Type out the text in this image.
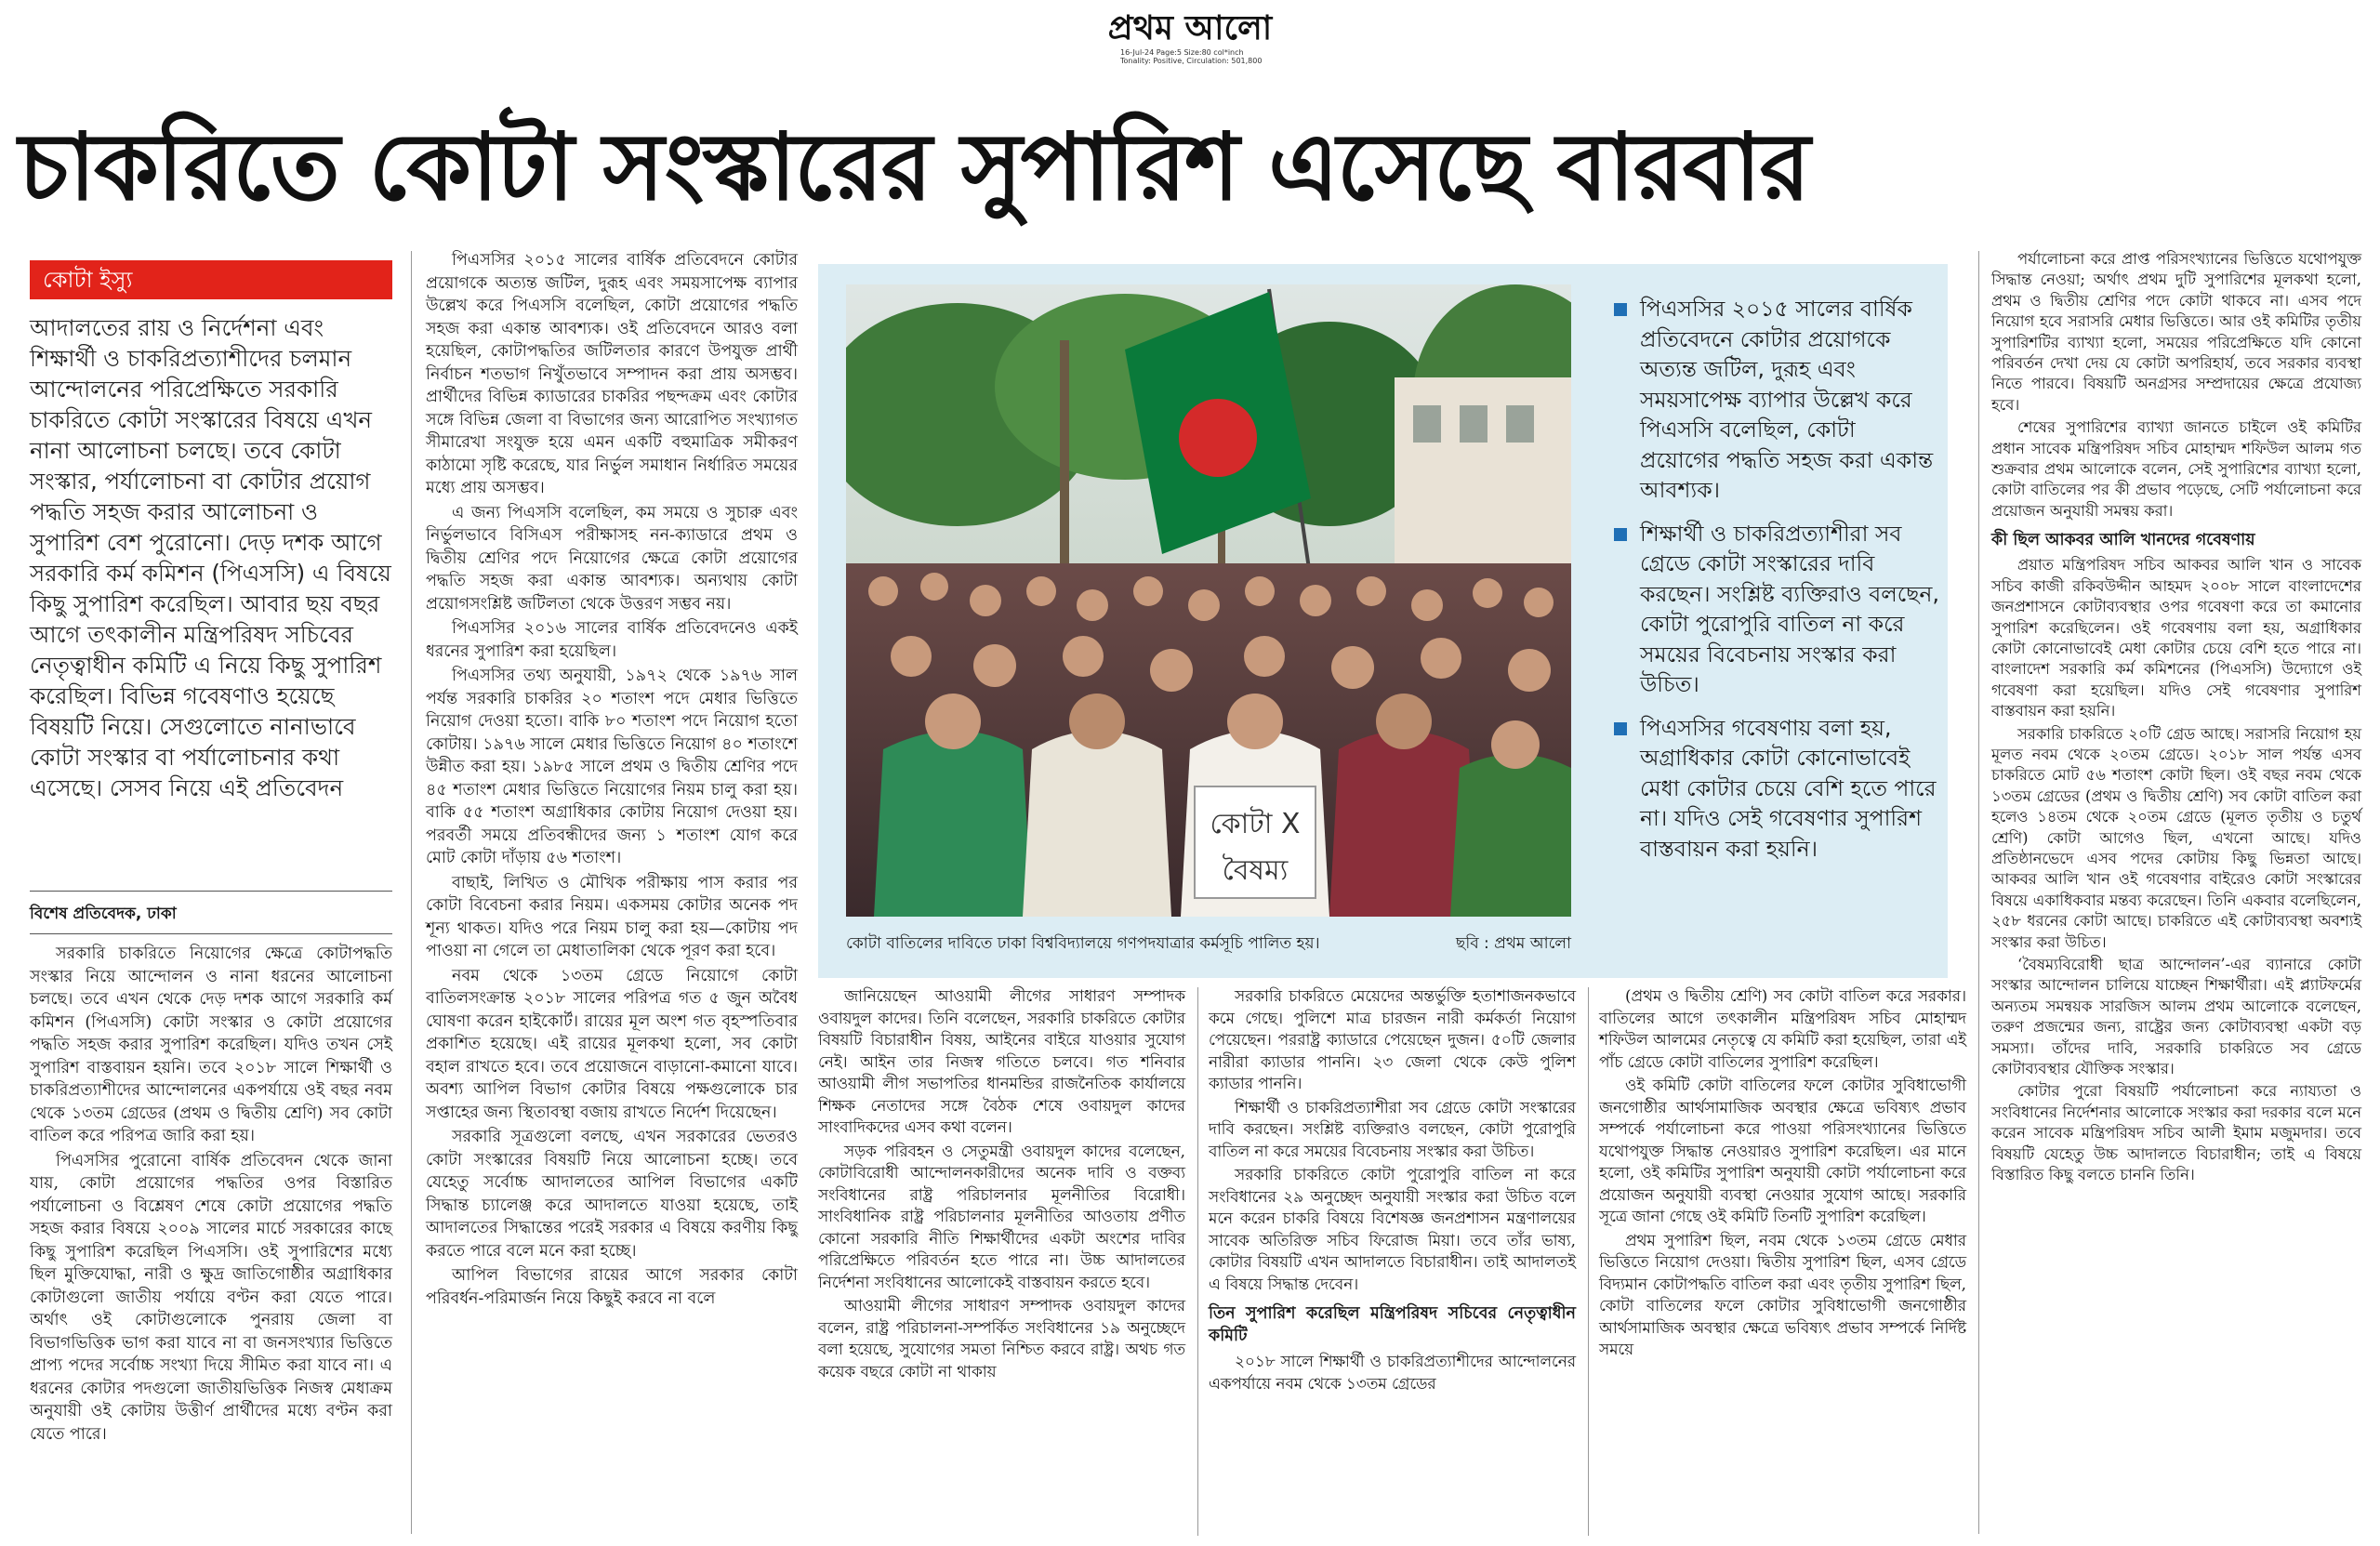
প্রথম আলো
16-Jul-24 Page:5 Size:80 col*inch
Tonality: Positive, Circulation: 501,800
চাকরিতে কোটা সংস্কারের সুপারিশ এসেছে বারবার
কোটা ইস্যু
আদালতের রায় ও নির্দেশনা এবং শিক্ষার্থী ও চাকরিপ্রত্যাশীদের চলমান আন্দোলনের পরিপ্রেক্ষিতে সরকারি চাকরিতে কোটা সংস্কারের বিষয়ে এখন নানা আলোচনা চলছে। তবে কোটা সংস্কার, পর্যালোচনা বা কোটার প্রয়োগ পদ্ধতি সহজ করার আলোচনা ও সুপারিশ বেশ পুরোনো। দেড় দশক আগে সরকারি কর্ম কমিশন (পিএসসি) এ বিষয়ে কিছু সুপারিশ করেছিল। আবার ছয় বছর আগে তৎকালীন মন্ত্রিপরিষদ সচিবের নেতৃত্বাধীন কমিটি এ নিয়ে কিছু সুপারিশ করেছিল। বিভিন্ন গবেষণাও হয়েছে বিষয়টি নিয়ে। সেগুলোতে নানাভাবে কোটা সংস্কার বা পর্যালোচনার কথা এসেছে। সেসব নিয়ে এই প্রতিবেদন
বিশেষ প্রতিবেদক, ঢাকা

সরকারি চাকরিতে নিয়োগের ক্ষেত্রে কোটাপদ্ধতি সংস্কার নিয়ে আন্দোলন ও নানা ধরনের আলোচনা চলছে। তবে এখন থেকে দেড় দশক আগে সরকারি কর্ম কমিশন (পিএসসি) কোটা সংস্কার ও কোটা প্রয়োগের পদ্ধতি সহজ করার সুপারিশ করেছিল। যদিও তখন সেই সুপারিশ বাস্তবায়ন হয়নি। তবে ২০১৮ সালে শিক্ষার্থী ও চাকরিপ্রত্যাশীদের আন্দোলনের একপর্যায়ে ওই বছর নবম থেকে ১৩তম গ্রেডের (প্রথম ও দ্বিতীয় শ্রেণি) সব কোটা বাতিল করে পরিপত্র জারি করা হয়।

পিএসসির পুরোনো বার্ষিক প্রতিবেদন থেকে জানা যায়, কোটা প্রয়োগের পদ্ধতির ওপর বিস্তারিত পর্যালোচনা ও বিশ্লেষণ শেষে কোটা প্রয়োগের পদ্ধতি সহজ করার বিষয়ে ২০০৯ সালের মার্চে সরকারের কাছে কিছু সুপারিশ করেছিল পিএসসি। ওই সুপারিশের মধ্যে ছিল মুক্তিযোদ্ধা, নারী ও ক্ষুদ্র জাতিগোষ্ঠীর অগ্রাধিকার কোটাগুলো জাতীয় পর্যায়ে বণ্টন করা যেতে পারে। অর্থাৎ ওই কোটাগুলোকে পুনরায় জেলা বা বিভাগভিত্তিক ভাগ করা যাবে না বা জনসংখ্যার ভিত্তিতে প্রাপ্য পদের সর্বোচ্চ সংখ্যা দিয়ে সীমিত করা যাবে না। এ ধরনের কোটার পদগুলো জাতীয়ভিত্তিক নিজস্ব মেধাক্রম অনুযায়ী ওই কোটায় উত্তীর্ণ প্রার্থীদের মধ্যে বণ্টন করা যেতে পারে।

পিএসসির ২০১৫ সালের বার্ষিক প্রতিবেদনে কোটার প্রয়োগকে অত্যন্ত জটিল, দুরূহ এবং সময়সাপেক্ষ ব্যাপার উল্লেখ করে পিএসসি বলেছিল, কোটা প্রয়োগের পদ্ধতি সহজ করা একান্ত আবশ্যক। ওই প্রতিবেদনে আরও বলা হয়েছিল, কোটাপদ্ধতির জটিলতার কারণে উপযুক্ত প্রার্থী নির্বাচন শতভাগ নিখুঁতভাবে সম্পাদন করা প্রায় অসম্ভব। প্রার্থীদের বিভিন্ন ক্যাডারের চাকরির পছন্দক্রম এবং কোটার সঙ্গে বিভিন্ন জেলা বা বিভাগের জন্য আরোপিত সংখ্যাগত সীমারেখা সংযুক্ত হয়ে এমন একটি বহুমাত্রিক সমীকরণ কাঠামো সৃষ্টি করেছে, যার নির্ভুল সমাধান নির্ধারিত সময়ের মধ্যে প্রায় অসম্ভব।

এ জন্য পিএসসি বলেছিল, কম সময়ে ও সুচারু এবং নির্ভুলভাবে বিসিএস পরীক্ষাসহ নন-ক্যাডারে প্রথম ও দ্বিতীয় শ্রেণির পদে নিয়োগের ক্ষেত্রে কোটা প্রয়োগের পদ্ধতি সহজ করা একান্ত আবশ্যক। অন্যথায় কোটা প্রয়োগসংশ্লিষ্ট জটিলতা থেকে উত্তরণ সম্ভব নয়।

পিএসসির ২০১৬ সালের বার্ষিক প্রতিবেদনেও একই ধরনের সুপারিশ করা হয়েছিল।

পিএসসির তথ্য অনুযায়ী, ১৯৭২ থেকে ১৯৭৬ সাল পর্যন্ত সরকারি চাকরির ২০ শতাংশ পদে মেধার ভিত্তিতে নিয়োগ দেওয়া হতো। বাকি ৮০ শতাংশ পদে নিয়োগ হতো কোটায়। ১৯৭৬ সালে মেধার ভিত্তিতে নিয়োগ ৪০ শতাংশে উন্নীত করা হয়। ১৯৮৫ সালে প্রথম ও দ্বিতীয় শ্রেণির পদে ৪৫ শতাংশ মেধার ভিত্তিতে নিয়োগের নিয়ম চালু করা হয়। বাকি ৫৫ শতাংশ অগ্রাধিকার কোটায় নিয়োগ দেওয়া হয়। পরবর্তী সময়ে প্রতিবন্ধীদের জন্য ১ শতাংশ যোগ করে মোট কোটা দাঁড়ায় ৫৬ শতাংশ।

বাছাই, লিখিত ও মৌখিক পরীক্ষায় পাস করার পর কোটা বিবেচনা করার নিয়ম। একসময় কোটার অনেক পদ শূন্য থাকত। যদিও পরে নিয়ম চালু করা হয়—কোটায় পদ পাওয়া না গেলে তা মেধাতালিকা থেকে পূরণ করা হবে।

নবম থেকে ১৩তম গ্রেডে নিয়োগে কোটা বাতিলসংক্রান্ত ২০১৮ সালের পরিপত্র গত ৫ জুন অবৈধ ঘোষণা করেন হাইকোর্ট। রায়ের মূল অংশ গত বৃহস্পতিবার প্রকাশিত হয়েছে। এই রায়ের মূলকথা হলো, সব কোটা বহাল রাখতে হবে। তবে প্রয়োজনে বাড়ানো-কমানো যাবে। অবশ্য আপিল বিভাগ কোটার বিষয়ে পক্ষগুলোকে চার সপ্তাহের জন্য স্থিতাবস্থা বজায় রাখতে নির্দেশ দিয়েছেন।

সরকারি সূত্রগুলো বলছে, এখন সরকারের ভেতরও কোটা সংস্কারের বিষয়টি নিয়ে আলোচনা হচ্ছে। তবে যেহেতু সর্বোচ্চ আদালতের আপিল বিভাগের একটি সিদ্ধান্ত চ্যালেঞ্জ করে আদালতে যাওয়া হয়েছে, তাই আদালতের সিদ্ধান্তের পরেই সরকার এ বিষয়ে করণীয় কিছু করতে পারে বলে মনে করা হচ্ছে।

আপিল বিভাগের রায়ের আগে সরকার কোটা পরিবর্ধন-পরিমার্জন নিয়ে কিছুই করবে না বলে

কোটা X
বৈষম্য
কোটা বাতিলের দাবিতে ঢাকা বিশ্ববিদ্যালয়ে গণপদযাত্রার কর্মসূচি পালিত হয়।	ছবি : প্রথম আলো
পিএসসির ২০১৫ সালের বার্ষিক প্রতিবেদনে কোটার প্রয়োগকে অত্যন্ত জটিল, দুরূহ এবং সময়সাপেক্ষ ব্যাপার উল্লেখ করে পিএসসি বলেছিল, কোটা প্রয়োগের পদ্ধতি সহজ করা একান্ত আবশ্যক।
শিক্ষার্থী ও চাকরিপ্রত্যাশীরা সব গ্রেডে কোটা সংস্কারের দাবি করছেন। সংশ্লিষ্ট ব্যক্তিরাও বলছেন, কোটা পুরোপুরি বাতিল না করে সময়ের বিবেচনায় সংস্কার করা উচিত।
পিএসসির গবেষণায় বলা হয়, অগ্রাধিকার কোটা কোনোভাবেই মেধা কোটার চেয়ে বেশি হতে পারে না। যদিও সেই গবেষণার সুপারিশ বাস্তবায়ন করা হয়নি।

জানিয়েছেন আওয়ামী লীগের সাধারণ সম্পাদক ওবায়দুল কাদের। তিনি বলেছেন, সরকারি চাকরিতে কোটার বিষয়টি বিচারাধীন বিষয়, আইনের বাইরে যাওয়ার সুযোগ নেই। আইন তার নিজস্ব গতিতে চলবে। গত শনিবার আওয়ামী লীগ সভাপতির ধানমন্ডির রাজনৈতিক কার্যালয়ে শিক্ষক নেতাদের সঙ্গে বৈঠক শেষে ওবায়দুল কাদের সাংবাদিকদের এসব কথা বলেন।

সড়ক পরিবহন ও সেতুমন্ত্রী ওবায়দুল কাদের বলেছেন, কোটাবিরোধী আন্দোলনকারীদের অনেক দাবি ও বক্তব্য সংবিধানের রাষ্ট্র পরিচালনার মূলনীতির বিরোধী। সাংবিধানিক রাষ্ট্র পরিচালনার মূলনীতির আওতায় প্রণীত কোনো সরকারি নীতি শিক্ষার্থীদের একটা অংশের দাবির পরিপ্রেক্ষিতে পরিবর্তন হতে পারে না। উচ্চ আদালতের নির্দেশনা সংবিধানের আলোকেই বাস্তবায়ন করতে হবে।

আওয়ামী লীগের সাধারণ সম্পাদক ওবায়দুল কাদের বলেন, রাষ্ট্র পরিচালনা-সম্পর্কিত সংবিধানের ১৯ অনুচ্ছেদে বলা হয়েছে, সুযোগের সমতা নিশ্চিত করবে রাষ্ট্র। অথচ গত কয়েক বছরে কোটা না থাকায়

সরকারি চাকরিতে মেয়েদের অন্তর্ভুক্তি হতাশাজনকভাবে কমে গেছে। পুলিশে মাত্র চারজন নারী কর্মকর্তা নিয়োগ পেয়েছেন। পররাষ্ট্র ক্যাডারে পেয়েছেন দুজন। ৫০টি জেলার নারীরা ক্যাডার পাননি। ২৩ জেলা থেকে কেউ পুলিশ ক্যাডার পাননি।

শিক্ষার্থী ও চাকরিপ্রত্যাশীরা সব গ্রেডে কোটা সংস্কারের দাবি করছেন। সংশ্লিষ্ট ব্যক্তিরাও বলছেন, কোটা পুরোপুরি বাতিল না করে সময়ের বিবেচনায় সংস্কার করা উচিত।

সরকারি চাকরিতে কোটা পুরোপুরি বাতিল না করে সংবিধানের ২৯ অনুচ্ছেদ অনুযায়ী সংস্কার করা উচিত বলে মনে করেন চাকরি বিষয়ে বিশেষজ্ঞ জনপ্রশাসন মন্ত্রণালয়ের সাবেক অতিরিক্ত সচিব ফিরোজ মিয়া। তবে তাঁর ভাষ্য, কোটার বিষয়টি এখন আদালতে বিচারাধীন। তাই আদালতই এ বিষয়ে সিদ্ধান্ত দেবেন।

তিন সুপারিশ করেছিল মন্ত্রিপরিষদ সচিবের নেতৃত্বাধীন কমিটি

২০১৮ সালে শিক্ষার্থী ও চাকরিপ্রত্যাশীদের আন্দোলনের একপর্যায়ে নবম থেকে ১৩তম গ্রেডের

(প্রথম ও দ্বিতীয় শ্রেণি) সব কোটা বাতিল করে সরকার। বাতিলের আগে তৎকালীন মন্ত্রিপরিষদ সচিব মোহাম্মদ শফিউল আলমের নেতৃত্বে যে কমিটি করা হয়েছিল, তারা এই পাঁচ গ্রেডে কোটা বাতিলের সুপারিশ করেছিল।

ওই কমিটি কোটা বাতিলের ফলে কোটার সুবিধাভোগী জনগোষ্ঠীর আর্থসামাজিক অবস্থার ক্ষেত্রে ভবিষ্যৎ প্রভাব সম্পর্কে পর্যালোচনা করে পাওয়া পরিসংখ্যানের ভিত্তিতে যথোপযুক্ত সিদ্ধান্ত নেওয়ারও সুপারিশ করেছিল। এর মানে হলো, ওই কমিটির সুপারিশ অনুযায়ী কোটা পর্যালোচনা করে প্রয়োজন অনুযায়ী ব্যবস্থা নেওয়ার সুযোগ আছে। সরকারি সূত্রে জানা গেছে ওই কমিটি তিনটি সুপারিশ করেছিল।

প্রথম সুপারিশ ছিল, নবম থেকে ১৩তম গ্রেডে মেধার ভিত্তিতে নিয়োগ দেওয়া। দ্বিতীয় সুপারিশ ছিল, এসব গ্রেডে বিদ্যমান কোটাপদ্ধতি বাতিল করা এবং তৃতীয় সুপারিশ ছিল, কোটা বাতিলের ফলে কোটার সুবিধাভোগী জনগোষ্ঠীর আর্থসামাজিক অবস্থার ক্ষেত্রে ভবিষ্যৎ প্রভাব সম্পর্কে নির্দিষ্ট সময়ে

পর্যালোচনা করে প্রাপ্ত পরিসংখ্যানের ভিত্তিতে যথোপযুক্ত সিদ্ধান্ত নেওয়া; অর্থাৎ প্রথম দুটি সুপারিশের মূলকথা হলো, প্রথম ও দ্বিতীয় শ্রেণির পদে কোটা থাকবে না। এসব পদে নিয়োগ হবে সরাসরি মেধার ভিত্তিতে। আর ওই কমিটির তৃতীয় সুপারিশটির ব্যাখ্যা হলো, সময়ের পরিপ্রেক্ষিতে যদি কোনো পরিবর্তন দেখা দেয় যে কোটা অপরিহার্য, তবে সরকার ব্যবস্থা নিতে পারবে। বিষয়টি অনগ্রসর সম্প্রদায়ের ক্ষেত্রে প্রযোজ্য হবে।

শেষের সুপারিশের ব্যাখ্যা জানতে চাইলে ওই কমিটির প্রধান সাবেক মন্ত্রিপরিষদ সচিব মোহাম্মদ শফিউল আলম গত শুক্রবার প্রথম আলোকে বলেন, সেই সুপারিশের ব্যাখ্যা হলো, কোটা বাতিলের পর কী প্রভাব পড়েছে, সেটি পর্যালোচনা করে প্রয়োজন অনুযায়ী সমন্বয় করা।

কী ছিল আকবর আলি খানদের গবেষণায়

প্রয়াত মন্ত্রিপরিষদ সচিব আকবর আলি খান ও সাবেক সচিব কাজী রকিবউদ্দীন আহমদ ২০০৮ সালে বাংলাদেশের জনপ্রশাসনে কোটাব্যবস্থার ওপর গবেষণা করে তা কমানোর সুপারিশ করেছিলেন। ওই গবেষণায় বলা হয়, অগ্রাধিকার কোটা কোনোভাবেই মেধা কোটার চেয়ে বেশি হতে পারে না। বাংলাদেশ সরকারি কর্ম কমিশনের (পিএসসি) উদ্যোগে ওই গবেষণা করা হয়েছিল। যদিও সেই গবেষণার সুপারিশ বাস্তবায়ন করা হয়নি।

সরকারি চাকরিতে ২০টি গ্রেড আছে। সরাসরি নিয়োগ হয় মূলত নবম থেকে ২০তম গ্রেডে। ২০১৮ সাল পর্যন্ত এসব চাকরিতে মোট ৫৬ শতাংশ কোটা ছিল। ওই বছর নবম থেকে ১৩তম গ্রেডের (প্রথম ও দ্বিতীয় শ্রেণি) সব কোটা বাতিল করা হলেও ১৪তম থেকে ২০তম গ্রেডে (মূলত তৃতীয় ও চতুর্থ শ্রেণি) কোটা আগেও ছিল, এখনো আছে। যদিও প্রতিষ্ঠানভেদে এসব পদের কোটায় কিছু ভিন্নতা আছে। আকবর আলি খান ওই গবেষণার বাইরেও কোটা সংস্কারের বিষয়ে একাধিকবার মন্তব্য করেছেন। তিনি একবার বলেছিলেন, ২৫৮ ধরনের কোটা আছে। চাকরিতে এই কোটাব্যবস্থা অবশ্যই সংস্কার করা উচিত।

‘বৈষম্যবিরোধী ছাত্র আন্দোলন’-এর ব্যানারে কোটা সংস্কার আন্দোলন চালিয়ে যাচ্ছেন শিক্ষার্থীরা। এই প্ল্যাটফর্মের অন্যতম সমন্বয়ক সারজিস আলম প্রথম আলোকে বলেছেন, তরুণ প্রজন্মের জন্য, রাষ্ট্রের জন্য কোটাব্যবস্থা একটা বড় সমস্যা। তাঁদের দাবি, সরকারি চাকরিতে সব গ্রেডে কোটাব্যবস্থার যৌক্তিক সংস্কার।

কোটার পুরো বিষয়টি পর্যালোচনা করে ন্যায্যতা ও সংবিধানের নির্দেশনার আলোকে সংস্কার করা দরকার বলে মনে করেন সাবেক মন্ত্রিপরিষদ সচিব আলী ইমাম মজুমদার। তবে বিষয়টি যেহেতু উচ্চ আদালতে বিচারাধীন; তাই এ বিষয়ে বিস্তারিত কিছু বলতে চাননি তিনি।
